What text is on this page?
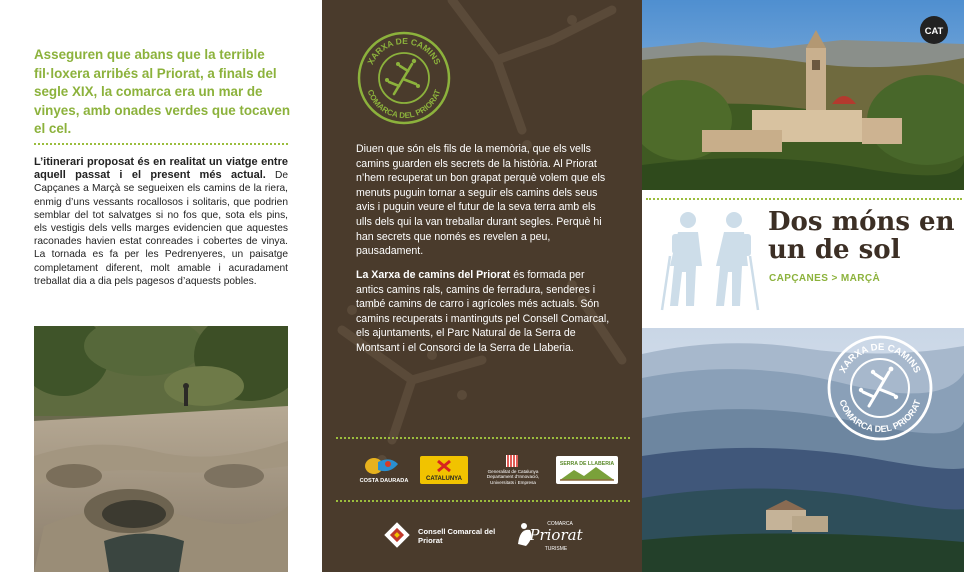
Asseguren que abans que la terrible fil·loxera arribés al Priorat, a finals del segle XIX, la comarca era un mar de vinyes, amb onades verdes que tocaven el cel.

L’itinerari proposat és en realitat un viatge entre aquell passat i el present més actual. De Capçanes a Marçà se segueixen els camins de la riera, enmig d’uns vessants rocallosos i solitaris, que podrien semblar del tot salvatges si no fos que, sota els pins, els vestigis dels vells marges evidencien que aquestes raconades havien estat conreades i cobertes de vinya. La tornada es fa per les Pedrenyeres, un paisatge completament diferent, molt amable i acuradament treballat dia a dia pels pagesos d’aquests pobles.

XARXA DE CAMINS
COMARCA DEL PRIORAT

Diuen que són els fils de la memòria, que els vells camins guarden els secrets de la història. Al Priorat n’hem recuperat un bon grapat perquè volem que els menuts puguin tornar a seguir els camins dels seus avis i puguin veure el futur de la seva terra amb els ulls dels qui la van treballar durant segles. Perquè hi han secrets que només es revelen a peu, pausadament.

La Xarxa de camins del Priorat és formada per antics camins rals, camins de ferradura, senderes i també camins de carro i agrícoles més actuals. Són camins recuperats i mantinguts pel Consell Comarcal, els ajuntaments, el Parc Natural de la Serra de Montsant i el Consorci de la Serra de Llaberia.

COSTA DAURADA	CATALUNYA
Generalitat de Catalunya Departament d’Innovació, Universitats i Empresa
SERRA DE LLABERIA
Consell Comarcal del Priorat
COMARCA
Priorat
TURISME
CAT
Dos móns en un de sol

CAPÇANES > MARÇÀ

XARXA DE CAMINS
COMARCA DEL PRIORAT
